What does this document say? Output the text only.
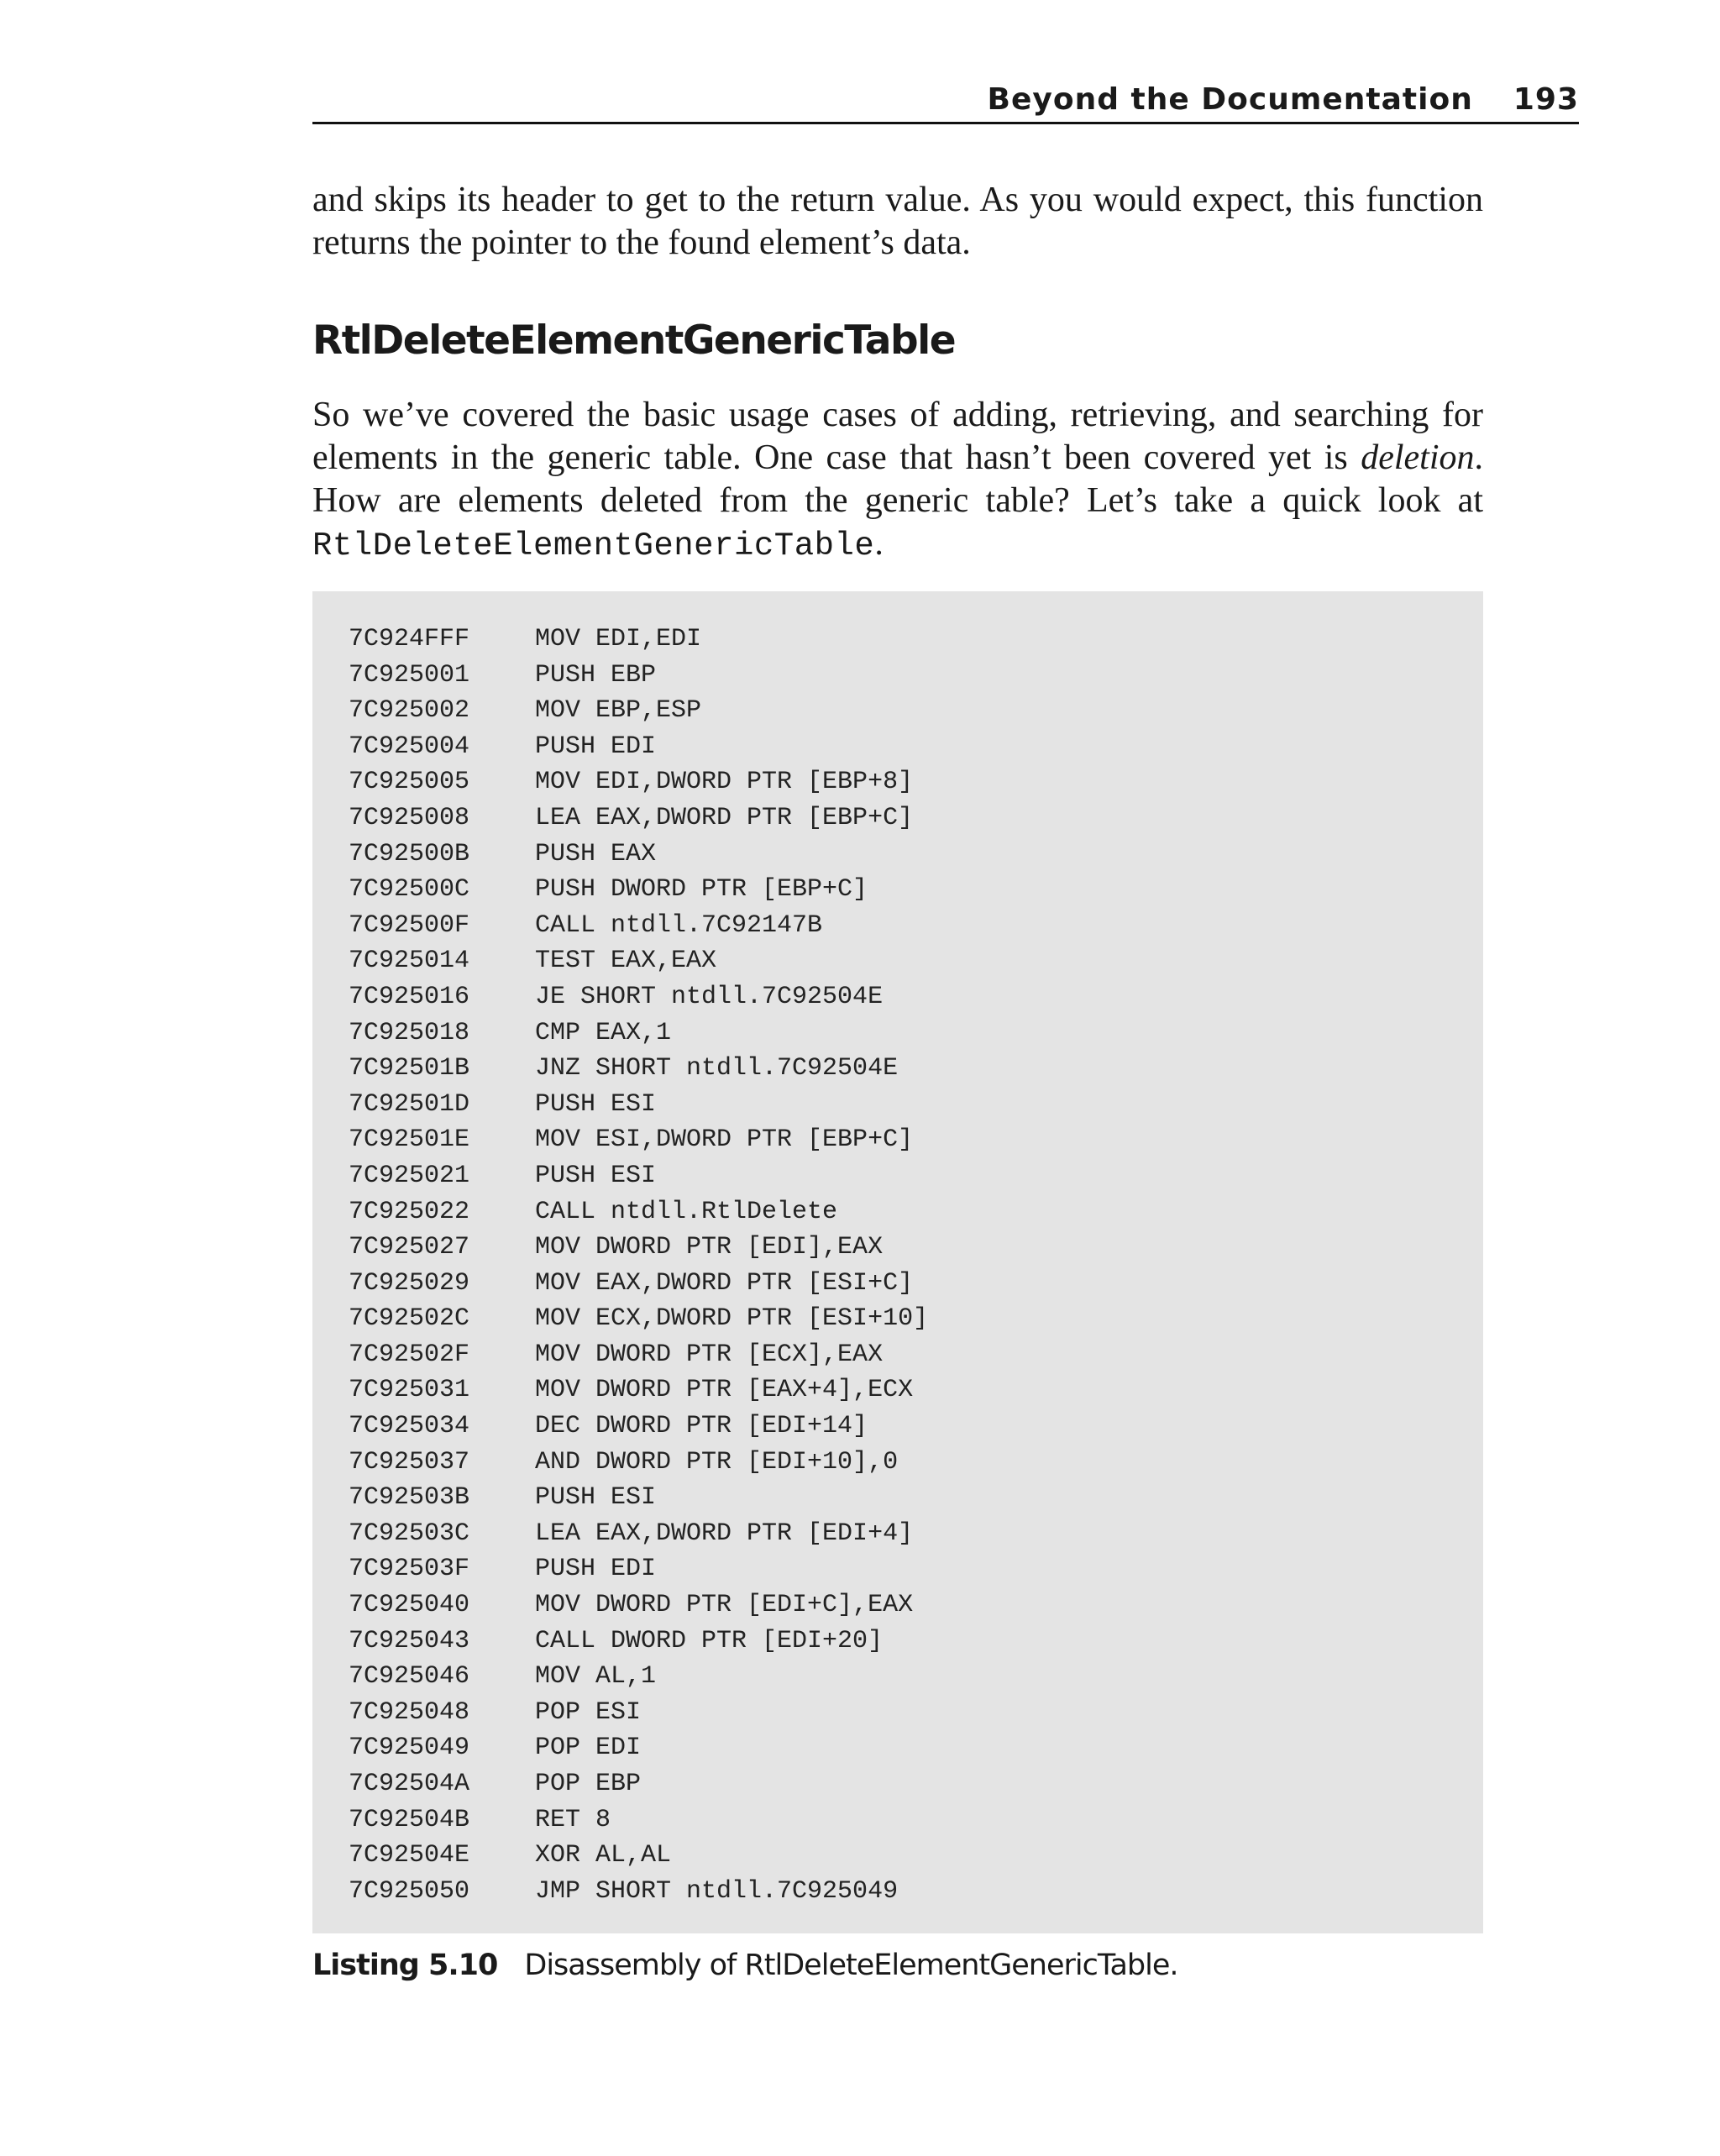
Beyond the Documentation 193

and skips its header to get to the return value. As you would expect, this function returns the pointer to the found element’s data.

RtlDeleteElementGenericTable

So we’ve covered the basic usage cases of adding, retrieving, and searching for elements in the generic table. One case that hasn’t been covered yet is deletion. How are elements deleted from the generic table? Let’s take a quick look at RtlDeleteElementGenericTable.

7C924FFF	MOV EDI,EDI
7C925001	PUSH EBP
7C925002	MOV EBP,ESP
7C925004	PUSH EDI
7C925005	MOV EDI,DWORD PTR [EBP+8]
7C925008	LEA EAX,DWORD PTR [EBP+C]
7C92500B	PUSH EAX
7C92500C	PUSH DWORD PTR [EBP+C]
7C92500F	CALL ntdll.7C92147B
7C925014	TEST EAX,EAX
7C925016	JE SHORT ntdll.7C92504E
7C925018	CMP EAX,1
7C92501B	JNZ SHORT ntdll.7C92504E
7C92501D	PUSH ESI
7C92501E	MOV ESI,DWORD PTR [EBP+C]
7C925021	PUSH ESI
7C925022	CALL ntdll.RtlDelete
7C925027	MOV DWORD PTR [EDI],EAX
7C925029	MOV EAX,DWORD PTR [ESI+C]
7C92502C	MOV ECX,DWORD PTR [ESI+10]
7C92502F	MOV DWORD PTR [ECX],EAX
7C925031	MOV DWORD PTR [EAX+4],ECX
7C925034	DEC DWORD PTR [EDI+14]
7C925037	AND DWORD PTR [EDI+10],0
7C92503B	PUSH ESI
7C92503C	LEA EAX,DWORD PTR [EDI+4]
7C92503F	PUSH EDI
7C925040	MOV DWORD PTR [EDI+C],EAX
7C925043	CALL DWORD PTR [EDI+20]
7C925046	MOV AL,1
7C925048	POP ESI
7C925049	POP EDI
7C92504A	POP EBP
7C92504B	RET 8
7C92504E	XOR AL,AL
7C925050	JMP SHORT ntdll.7C925049

Listing 5.10 Disassembly of RtlDeleteElementGenericTable.
